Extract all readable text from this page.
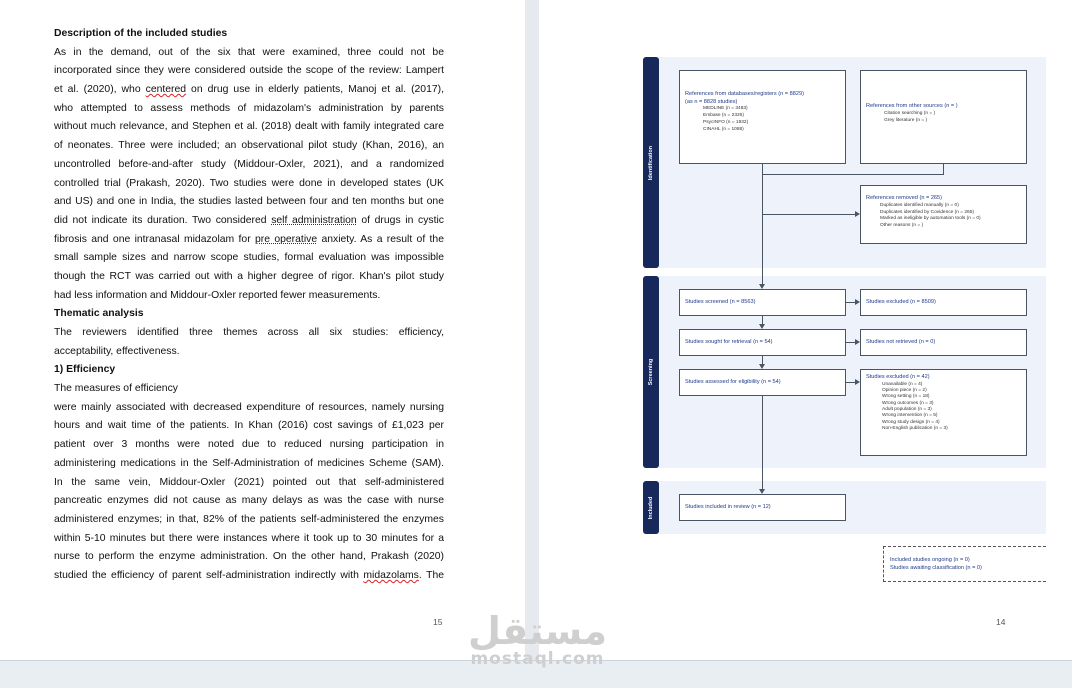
Description of the included studies
As in the demand, out of the six that were examined, three could not be
incorporated since they were considered outside the scope of the review: Lampert
et al. (2020), who centered on drug use in elderly patients, Manoj et al. (2017),
who attempted to assess methods of midazolam's administration by parents
without much relevance, and Stephen et al. (2018) dealt with family integrated care
of neonates. Three were included; an observational pilot study (Khan, 2016), an
uncontrolled before-and-after study (Middour-Oxler, 2021), and a randomized
controlled trial (Prakash, 2020). Two studies were done in developed states (UK
and US) and one in India, the studies lasted between four and ten months but one
did not indicate its duration. Two considered self administration of drugs in cystic
fibrosis and one intranasal midazolam for pre operative anxiety. As a result of the
small sample sizes and narrow scope studies, formal evaluation was impossible
though the RCT was carried out with a higher degree of rigor. Khan's pilot study
had less information and Middour-Oxler reported fewer measurements.
Thematic analysis
The reviewers identified three themes across all six studies: efficiency,
acceptability, effectiveness.
1) Efficiency
The measures of efficiency
were mainly associated with decreased expenditure of resources, namely nursing
hours and wait time of the patients. In Khan (2016) cost savings of £1,023 per
patient over 3 months were noted due to reduced nursing participation in
administering medications in the Self-Administration of medicines Scheme (SAM).
In the same vein, Middour-Oxler (2021) pointed out that self-administered
pancreatic enzymes did not cause as many delays as was the case with nurse
administered enzymes; in that, 82% of the patients self-administered the enzymes
within 5-10 minutes but there were instances where it took up to 30 minutes for a
nurse to perform the enzyme administration. On the other hand, Prakash (2020)
studied the efficiency of parent self-administration indirectly with midazolams. The
15
Identification
Screening
Included
References from databases/registers (n = 8829)
(as n = 8828 studies)
MEDLINE (n = 3483)
Embase (n = 2326)
PsycINFO (n = 1932)
CINAHL (n = 1088)
References from other sources (n = )
Citation searching (n = )
Grey literature (n = )
References removed (n = 265)
Duplicates identified manually (n = 0)
Duplicates identified by Covidence (n = 265)
Marked as ineligible by automation tools (n = 0)
Other reasons (n = )
Studies screened (n = 8563)	Studies excluded (n = 8509)
Studies sought for retrieval (n = 54)	Studies not retrieved (n = 0)
Studies assessed for eligibility (n = 54)
Studies excluded (n = 42)
Unavailable (n = 4)
Opinion piece (n = 2)
Wrong setting (n = 18)
Wrong outcomes (n = 3)
Adult population (n = 3)
Wrong intervention (n = 5)
Wrong study design (n = 4)
Non-English publication (n = 3)
Studies included in review (n = 12)
Included studies ongoing (n = 0)
Studies awaiting classification (n = 0)
14
مستقل
mostaql.com
